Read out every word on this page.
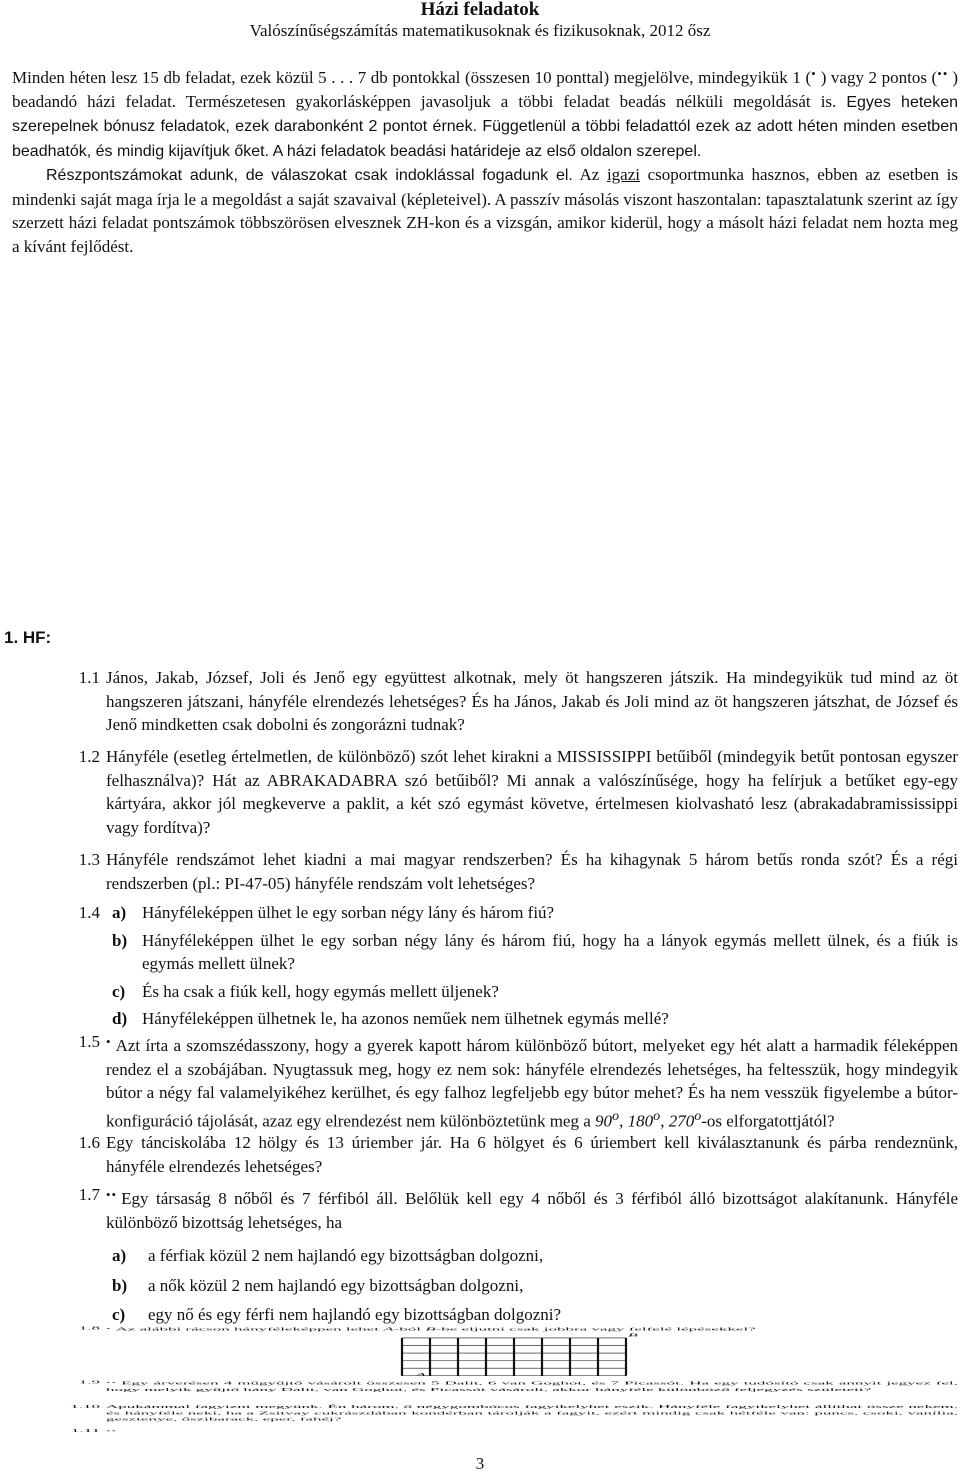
Házi feladatok
Valószínűségszámítás matematikusoknak és fizikusoknak, 2012 ősz

Minden héten lesz 15 db feladat, ezek közül 5 . . . 7 db pontokkal (összesen 10 ponttal) megjelölve, mindegyikük 1 (• ) vagy 2 pontos (•• ) beadandó házi feladat. Természetesen gyakorlásképpen javasoljuk a többi feladat beadás nélküli megoldását is. Egyes heteken szerepelnek bónusz feladatok, ezek darabonként 2 pontot érnek. Függetlenül a többi feladattól ezek az adott héten minden esetben beadhatók, és mindig kijavítjuk őket. A házi feladatok beadási határideje az első oldalon szerepel.

Részpontszámokat adunk, de válaszokat csak indoklással fogadunk el. Az igazi csoportmunka hasznos, ebben az esetben is mindenki saját maga írja le a megoldást a saját szavaival (képleteivel). A passzív másolás viszont haszontalan: tapasztalatunk szerint az így szerzett házi feladat pontszámok többszörösen elvesznek ZH-kon és a vizsgán, amikor kiderül, hogy a másolt házi feladat nem hozta meg a kívánt fejlődést.

1. HF:
1.1 János, Jakab, József, Joli és Jenő egy együttest alkotnak, mely öt hangszeren játszik. Ha mindegyikük tud mind az öt hangszeren játszani, hányféle elrendezés lehetséges? És ha János, Jakab és Joli mind az öt hangszeren játszhat, de József és Jenő mindketten csak dobolni és zongorázni tudnak?

1.2 Hányféle (esetleg értelmetlen, de különböző) szót lehet kirakni a MISSISSIPPI betűiből (mindegyik betűt pontosan egyszer felhasználva)? Hát az ABRAKADABRA szó betűiből? Mi annak a valószínűsége, hogy ha felírjuk a betűket egy-egy kártyára, akkor jól megkeverve a paklit, a két szó egymást követve, értelmesen kiolvasható lesz (abrakadabramississippi vagy fordítva)?

1.3 Hányféle rendszámot lehet kiadni a mai magyar rendszerben? És ha kihagynak 5 három betűs ronda szót? És a régi rendszerben (pl.: PI-47-05) hányféle rendszám volt lehetséges?

1.4 a) Hányféleképpen ülhet le egy sorban négy lány és három fiú?
b) Hányféleképpen ülhet le egy sorban négy lány és három fiú, hogy ha a lányok egymás mellett ülnek, és a fiúk is egymás mellett ülnek?
c) És ha csak a fiúk kell, hogy egymás mellett üljenek?
d) Hányféleképpen ülhetnek le, ha azonos neműek nem ülhetnek egymás mellé?
1.5 • Azt írta a szomszédasszony, hogy a gyerek kapott három különböző bútort, melyeket egy hét alatt a harmadik féleképpen rendez el a szobájában. Nyugtassuk meg, hogy ez nem sok: hányféle elrendezés lehetséges, ha feltesszük, hogy mindegyik bútor a négy fal valamelyikéhez kerülhet, és egy falhoz legfeljebb egy bútor mehet? És ha nem vesszük figyelembe a bútor-konfiguráció tájolását, azaz egy elrendezést nem különböztetünk meg a 90$^o$, 180$^o$, 270$^o$-os elforgatottjától?

1.6 Egy tánciskolába 12 hölgy és 13 úriember jár. Ha 6 hölgyet és 6 úriembert kell kiválasztanunk és párba rendeznünk, hányféle elrendezés lehetséges?

1.7 •• Egy társaság 8 nőből és 7 férfiból áll. Belőlük kell egy 4 nőből és 3 férfiból álló bizottságot alakítanunk. Hányféle különböző bizottság lehetséges, ha

a) a férfiak közül 2 nem hajlandó egy bizottságban dolgozni,
b) a nők közül 2 nem hajlandó egy bizottságban dolgozni,
c) egy nő és egy férfi nem hajlandó egy bizottságban dolgozni?
1.8 • Az alábbi rácson hányféleképpen lehet A-ból B-be eljutni csak jobbra vagy felfelé lépésekkel?

B
A
1.9 •• Egy árverésen 4 műgyűjtő vásárolt összesen 5 Dalit, 6 van Goghot, és 7 Picassót. Ha egy tudósító csak annyit jegyez fel, hogy melyik gyűjtő hány Dalit, van Goghot, és Picassót vásárolt, akkor hányféle különböző feljegyzés született?

1.10 Apukámmal fagyizni megyünk. Én három, ő négygombócos fagyikelyhet eszik. Hányféle fagyikelyhet állíthat össze nekem, és hányféle neki, ha a Zsitvay cukrászdában kondérban tárolják a fagyit, ezért mindig csak hétféle van: puncs, csoki, vanília, gesztenye, őszibarack, eper, fahéj?

1.11 ••

3
